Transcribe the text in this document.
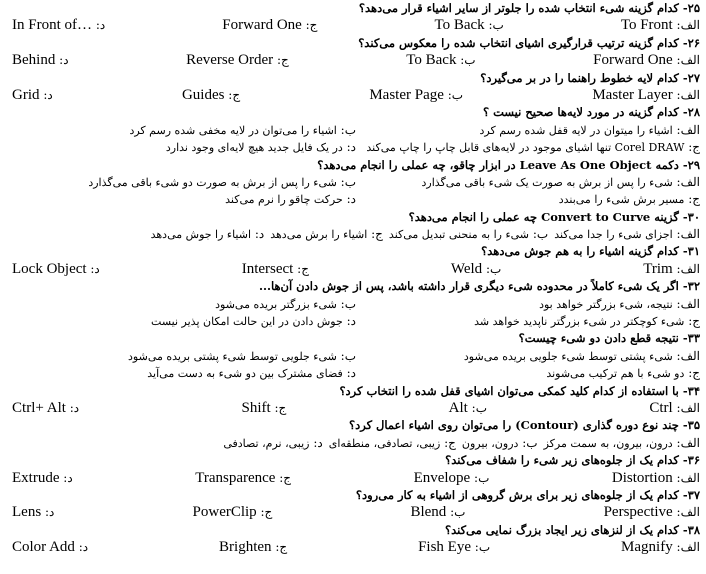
۲۵- کدام گزینه شیء انتخاب شده را جلوتر از سایر اشیاء قرار می‌دهد؟
الف: To Front
ب: To Back
ج: Forward One
د: In Front of…
۲۶- کدام گزینه ترتیب قرارگیری اشیای انتخاب شده را معکوس می‌کند؟
الف: Forward One
ب: To Back
ج: Reverse Order
د: Behind
۲۷- کدام لایه خطوط راهنما را در بر می‌گیرد؟
الف: Master Layer
ب: Master Page
ج: Guides
د: Grid
۲۸- کدام گزینه در مورد لایه‌ها صحیح نیست ؟
الف: اشیاء را میتوان در لایه قفل شده رسم کرد
ب: اشیاء را می‌توان در لایه مخفی شده رسم کرد
ج: Corel DRAW تنها اشیای موجود در لایه‌های قابل چاپ را چاپ می‌کند
د: در یک فایل جدید هیچ لایه‌ای وجود ندارد
۲۹- دکمه Leave As One Object در ابزار چاقو، چه عملی را انجام می‌دهد؟
الف: شیء را پس از برش به صورت یک شیء باقی می‌گذارد
ب: شیء را پس از برش به صورت دو شیء باقی می‌گذارد
ج: مسیر برش شیء را می‌بندد
د: حرکت چاقو را نرم می‌کند
۳۰- گزینه Convert to Curve چه عملی را انجام می‌دهد؟
الف: اجزای شیء را جدا می‌کند
ب: شیء را به منحنی تبدیل می‌کند
ج: اشیاء را برش می‌دهد
د: اشیاء را جوش می‌دهد
۳۱- کدام گزینه اشیاء را به هم جوش می‌دهد؟
الف: Trim
ب: Weld
ج: Intersect
د: Lock Object
۳۲- اگر یک شیء کاملاً در محدوده شیء دیگری قرار داشته باشد، پس از جوش دادن آن‌ها...
الف: نتیجه، شیء بزرگتر خواهد بود
ب: شیء بزرگتر بریده می‌شود
ج: شیء کوچکتر در شیء بزرگتر ناپدید خواهد شد
د: جوش دادن در این حالت امکان پذیر نیست
۳۳- نتیجه قطع دادن دو شیء چیست؟
الف: شیء پشتی توسط شیء جلویی بریده می‌شود
ب: شیء جلویی توسط شیء پشتی بریده می‌شود
ج: دو شیء با هم ترکیب می‌شوند
د: فضای مشترک بین دو شیء به دست می‌آید
۳۴- با استفاده از کدام کلید کمکی می‌توان اشیای قفل شده را انتخاب کرد؟
الف: Ctrl
ب: Alt
ج: Shift
د: Ctrl+ Alt
۳۵- چند نوع دوره گذاری (Contour) را می‌توان روی اشیاء اعمال کرد؟
الف: درون، بیرون، به سمت مرکز
ب: درون، بیرون
ج: زیبی، تصادفی، منطقه‌ای
د: زیبی، نرم، تصادفی
۳۶- کدام یک از جلوه‌های زیر شیء را شفاف می‌کند؟
الف: Distortion
ب: Envelope
ج: Transparence
د: Extrude
۳۷- کدام یک از جلوه‌های زیر برای برش گروهی از اشیاء به کار می‌رود؟
الف: Perspective
ب: Blend
ج: PowerClip
د: Lens
۳۸- کدام یک از لنزهای زیر ایجاد بزرگ نمایی می‌کند؟
الف: Magnify
ب: Fish Eye
ج: Brighten
د: Color Add
